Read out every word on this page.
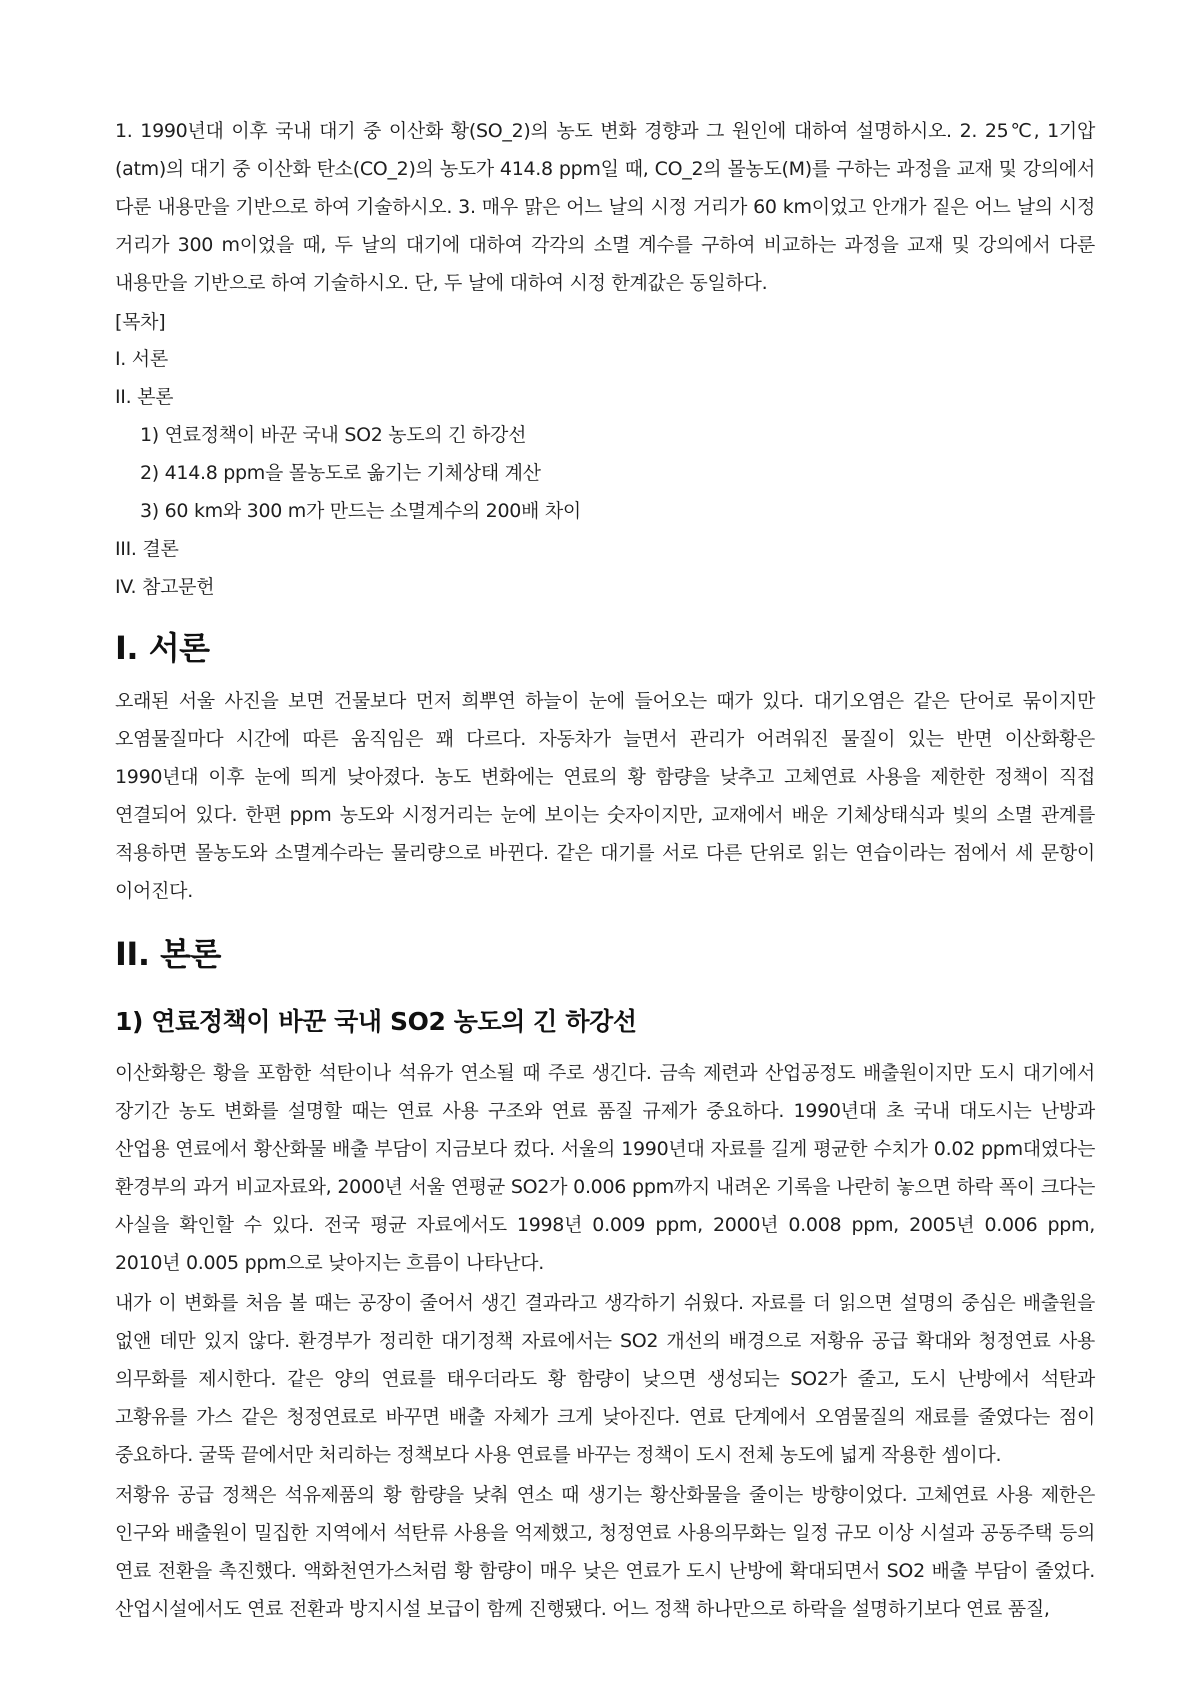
1. 1990년대 이후 국내 대기 중 이산화 황(SO_2)의 농도 변화 경향과 그 원인에 대하여 설명하시오. 2. 25℃, 1기압(atm)의 대기 중 이산화 탄소(CO_2)의 농도가 414.8 ppm일 때, CO_2의 몰농도(M)를 구하는 과정을 교재 및 강의에서 다룬 내용만을 기반으로 하여 기술하시오. 3. 매우 맑은 어느 날의 시정 거리가 60 km이었고 안개가 짙은 어느 날의 시정 거리가 300 m이었을 때, 두 날의 대기에 대하여 각각의 소멸 계수를 구하여 비교하는 과정을 교재 및 강의에서 다룬 내용만을 기반으로 하여 기술하시오. 단, 두 날에 대하여 시정 한계값은 동일하다.

[목차]

I. 서론

II. 본론

1) 연료정책이 바꾼 국내 SO2 농도의 긴 하강선

2) 414.8 ppm을 몰농도로 옮기는 기체상태 계산

3) 60 km와 300 m가 만드는 소멸계수의 200배 차이

III. 결론

IV. 참고문헌

I. 서론

오래된 서울 사진을 보면 건물보다 먼저 희뿌연 하늘이 눈에 들어오는 때가 있다. 대기오염은 같은 단어로 묶이지만 오염물질마다 시간에 따른 움직임은 꽤 다르다. 자동차가 늘면서 관리가 어려워진 물질이 있는 반면 이산화황은 1990년대 이후 눈에 띄게 낮아졌다. 농도 변화에는 연료의 황 함량을 낮추고 고체연료 사용을 제한한 정책이 직접 연결되어 있다. 한편 ppm 농도와 시정거리는 눈에 보이는 숫자이지만, 교재에서 배운 기체상태식과 빛의 소멸 관계를 적용하면 몰농도와 소멸계수라는 물리량으로 바뀐다. 같은 대기를 서로 다른 단위로 읽는 연습이라는 점에서 세 문항이 이어진다.

II. 본론
1) 연료정책이 바꾼 국내 SO2 농도의 긴 하강선

이산화황은 황을 포함한 석탄이나 석유가 연소될 때 주로 생긴다. 금속 제련과 산업공정도 배출원이지만 도시 대기에서 장기간 농도 변화를 설명할 때는 연료 사용 구조와 연료 품질 규제가 중요하다. 1990년대 초 국내 대도시는 난방과 산업용 연료에서 황산화물 배출 부담이 지금보다 컸다. 서울의 1990년대 자료를 길게 평균한 수치가 0.02 ppm대였다는 환경부의 과거 비교자료와, 2000년 서울 연평균 SO2가 0.006 ppm까지 내려온 기록을 나란히 놓으면 하락 폭이 크다는 사실을 확인할 수 있다. 전국 평균 자료에서도 1998년 0.009 ppm, 2000년 0.008 ppm, 2005년 0.006 ppm, 2010년 0.005 ppm으로 낮아지는 흐름이 나타난다.

내가 이 변화를 처음 볼 때는 공장이 줄어서 생긴 결과라고 생각하기 쉬웠다. 자료를 더 읽으면 설명의 중심은 배출원을 없앤 데만 있지 않다. 환경부가 정리한 대기정책 자료에서는 SO2 개선의 배경으로 저황유 공급 확대와 청정연료 사용 의무화를 제시한다. 같은 양의 연료를 태우더라도 황 함량이 낮으면 생성되는 SO2가 줄고, 도시 난방에서 석탄과 고황유를 가스 같은 청정연료로 바꾸면 배출 자체가 크게 낮아진다. 연료 단계에서 오염물질의 재료를 줄였다는 점이 중요하다. 굴뚝 끝에서만 처리하는 정책보다 사용 연료를 바꾸는 정책이 도시 전체 농도에 넓게 작용한 셈이다.

저황유 공급 정책은 석유제품의 황 함량을 낮춰 연소 때 생기는 황산화물을 줄이는 방향이었다. 고체연료 사용 제한은 인구와 배출원이 밀집한 지역에서 석탄류 사용을 억제했고, 청정연료 사용의무화는 일정 규모 이상 시설과 공동주택 등의 연료 전환을 촉진했다. 액화천연가스처럼 황 함량이 매우 낮은 연료가 도시 난방에 확대되면서 SO2 배출 부담이 줄었다. 산업시설에서도 연료 전환과 방지시설 보급이 함께 진행됐다. 어느 정책 하나만으로 하락을 설명하기보다 연료 품질,
